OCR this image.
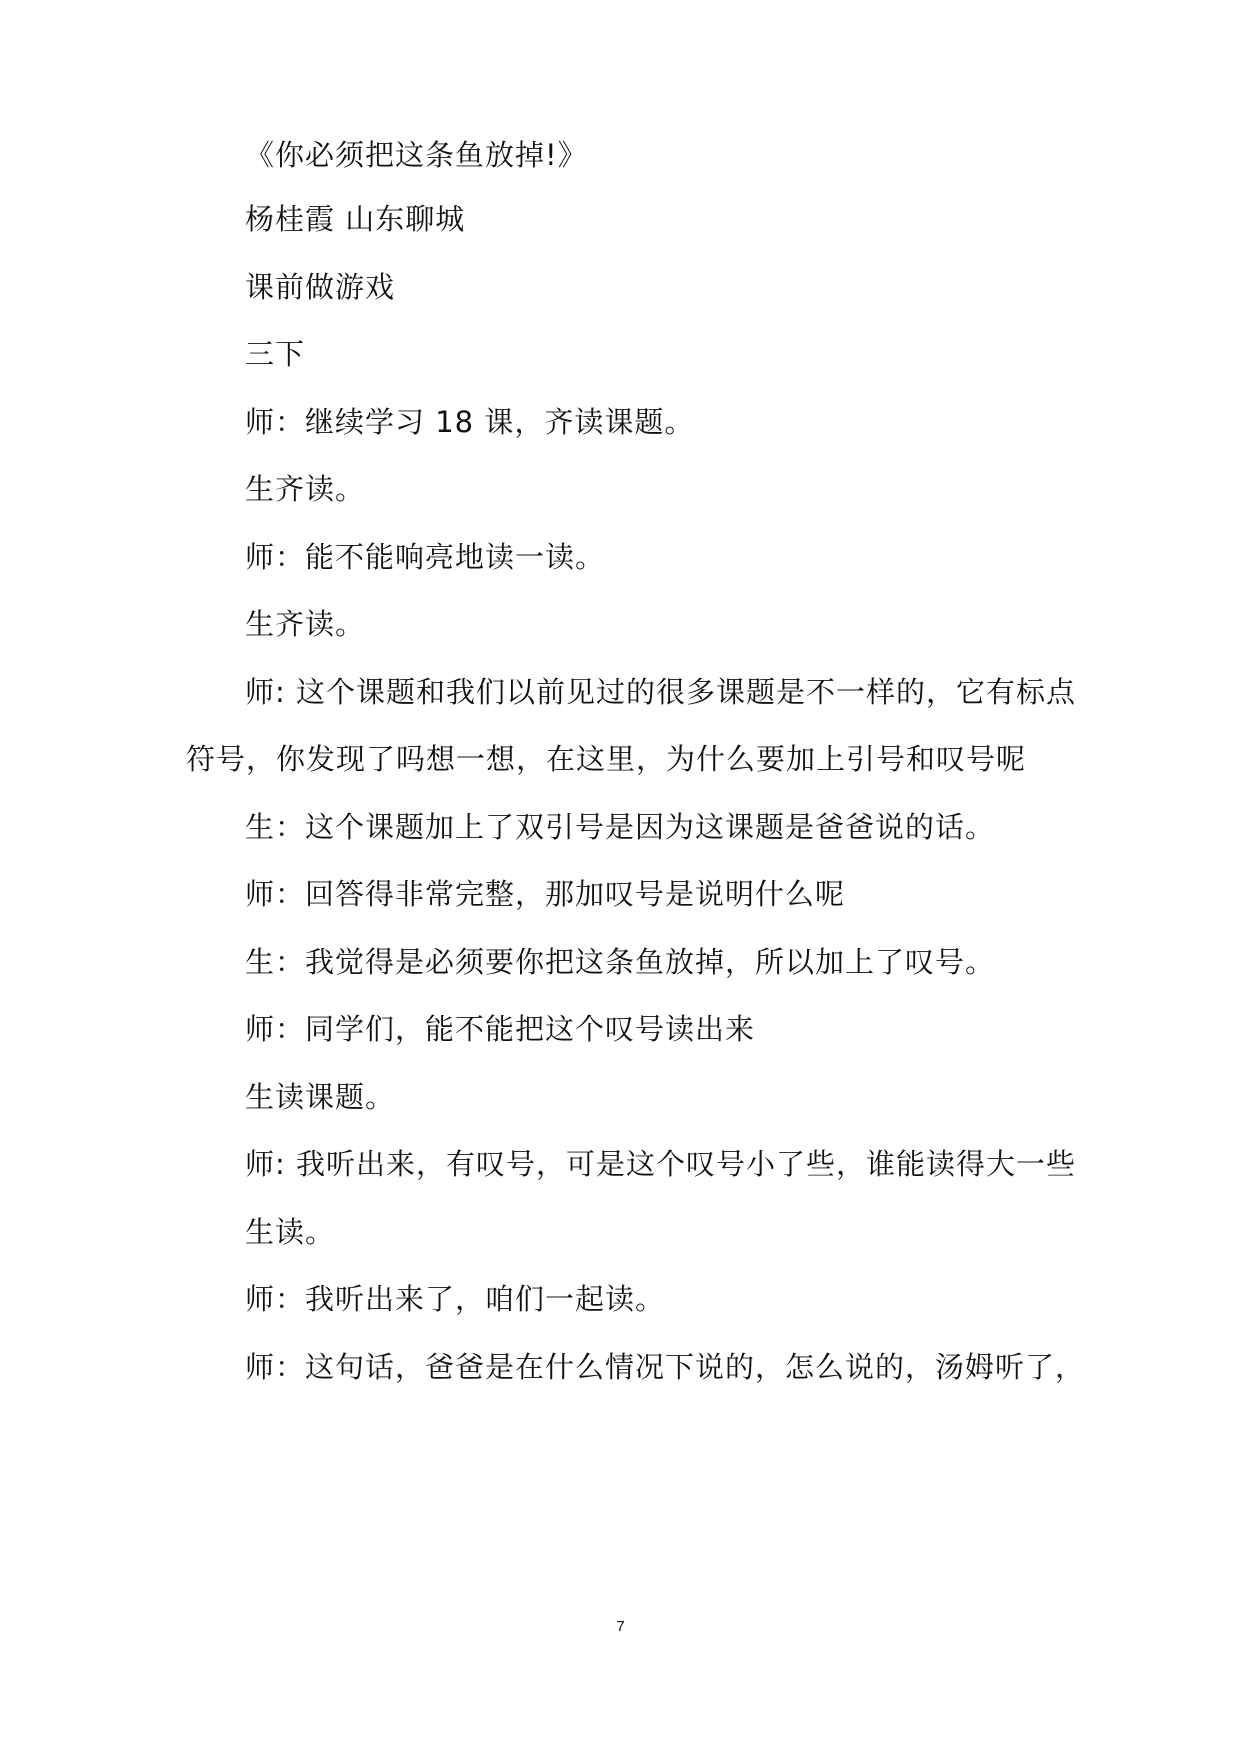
《你必须把这条鱼放掉!》
杨桂霞 山东聊城
课前做游戏
三下
师：继续学习 18 课，齐读课题。
生齐读。
师：能不能响亮地读一读。
生齐读。
师: 这个课题和我们以前见过的很多课题是不一样的，它有标点
符号，你发现了吗想一想，在这里，为什么要加上引号和叹号呢
生：这个课题加上了双引号是因为这课题是爸爸说的话。
师：回答得非常完整，那加叹号是说明什么呢
生：我觉得是必须要你把这条鱼放掉，所以加上了叹号。
师：同学们，能不能把这个叹号读出来
生读课题。
师: 我听出来，有叹号，可是这个叹号小了些，谁能读得大一些
生读。
师：我听出来了，咱们一起读。
师：这句话，爸爸是在什么情况下说的，怎么说的，汤姆听了，
7
